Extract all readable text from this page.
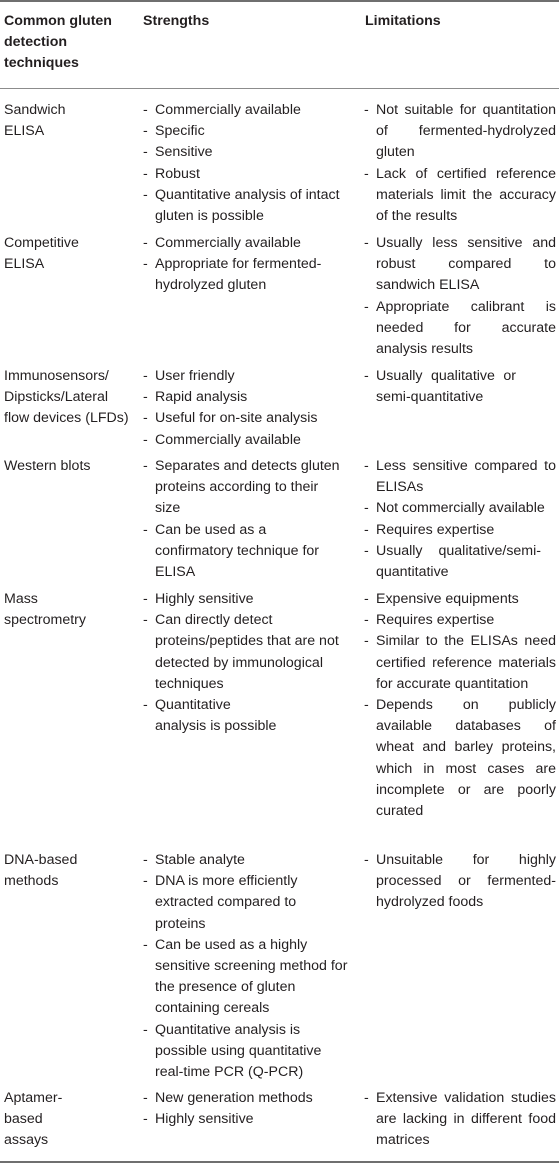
Common gluten detection techniques
Strengths	Limitations
Sandwich ELISA
- Commercially available
- Specific
- Sensitive
- Robust
- Quantitative analysis of intact gluten is possible
- Not suitable for quantitation of fermented-hydrolyzed gluten
- Lack of certified reference materials limit the accuracy of the results
Competitive ELISA
- Commercially available
- Appropriate for fermented-hydrolyzed gluten
- Usually less sensitive and robust compared to sandwich ELISA
- Appropriate calibrant is needed for accurate analysis results
Immunosensors/ Dipsticks/Lateral flow devices (LFDs)
- User friendly
- Rapid analysis
- Useful for on-site analysis
- Commercially available
- Usually qualitative or semi-quantitative
Western blots
-	Separates and detects gluten proteins according to their size
- Can be used as a confirmatory technique for ELISA
- Less sensitive compared to ELISAs
- Not commercially available
- Requires expertise
- Usually qualitative/semi-quantitative
Mass spectrometry
- Highly sensitive
- Can directly detect proteins/peptides that are not detected by immunological techniques
- Quantitative analysis is possible
- Expensive equipments
- Requires expertise
- Similar to the ELISAs need certified reference materials for accurate quantitation
- Depends on publicly available databases of wheat and barley proteins, which in most cases are incomplete or are poorly curated
DNA-based methods
- Stable analyte
- DNA is more efficiently extracted compared to proteins
- Can be used as a highly sensitive screening method for the presence of gluten containing cereals
- Quantitative analysis is possible using quantitative real-time PCR (Q-PCR)
- Unsuitable for highly processed or fermented-hydrolyzed foods
Aptamer-based assays
- New generation methods
- Highly sensitive
- Extensive validation studies are lacking in different food matrices
